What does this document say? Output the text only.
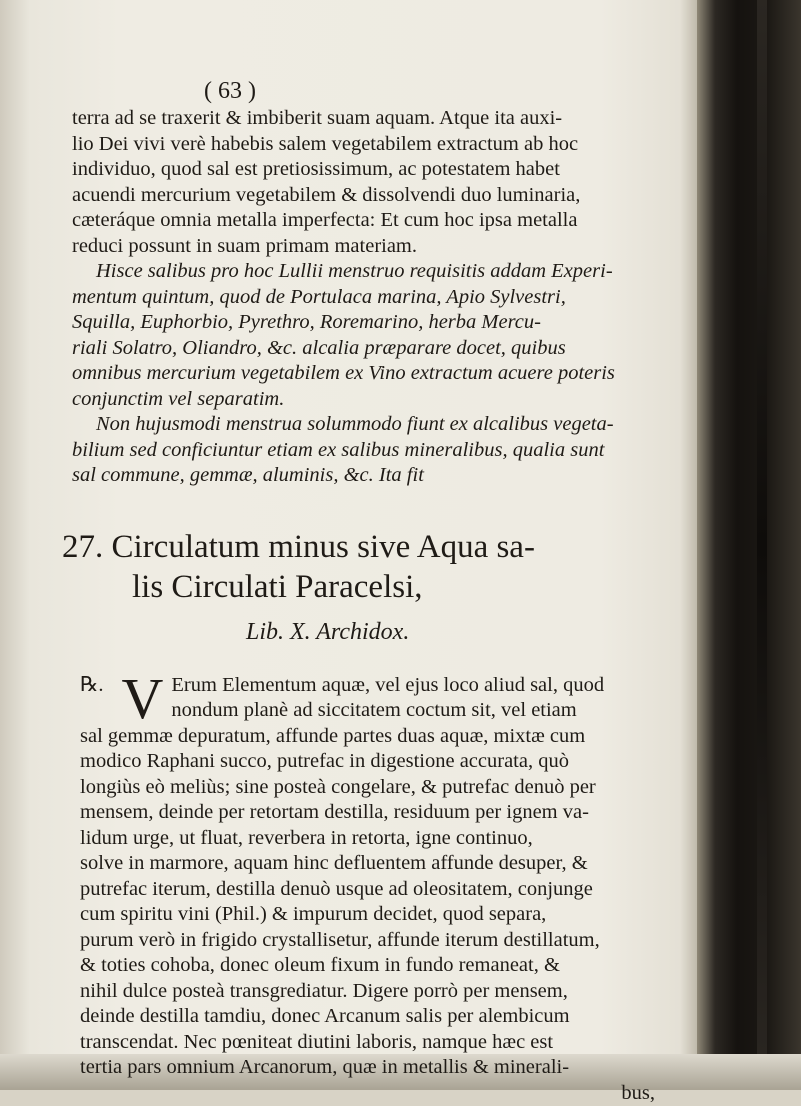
( 63 )

terra ad se traxerit & imbiberit suam aquam. Atque ita auxi-
lio Dei vivi verè habebis salem vegetabilem extractum ab hoc
individuo, quod sal est pretiosissimum, ac potestatem habet
acuendi mercurium vegetabilem & dissolvendi duo luminaria,
cæteráque omnia metalla imperfecta: Et cum hoc ipsa metalla
reduci possunt in suam primam materiam.

Hisce salibus pro hoc Lullii menstruo requisitis addam Experi-
mentum quintum, quod de Portulaca marina, Apio Sylvestri,
Squilla, Euphorbio, Pyrethro, Roremarino, herba Mercu-
riali Solatro, Oliandro, &c. alcalia præparare docet, quibus
omnibus mercurium vegetabilem ex Vino extractum acuere poteris
conjunctim vel separatim.

Non hujusmodi menstrua solummodo fiunt ex alcalibus vegeta-
bilium sed conficiuntur etiam ex salibus mineralibus, qualia sunt
sal commune, gemmæ, aluminis, &c. Ita fit

27. Circulatum minus sive Aqua sa-
lis Circulati Paracelsi,
Lib. X. Archidox.
℞. V Erum Elementum aquæ, vel ejus loco aliud sal, quod
nondum planè ad siccitatem coctum sit, vel etiam

sal gemmæ depuratum, affunde partes duas aquæ, mixtæ cum
modico Raphani succo, putrefac in digestione accurata, quò
longiùs eò meliùs; sine posteà congelare, & putrefac denuò per
mensem, deinde per retortam destilla, residuum per ignem va-
lidum urge, ut fluat, reverbera in retorta, igne continuo,
solve in marmore, aquam hinc defluentem affunde desuper, &
putrefac iterum, destilla denuò usque ad oleositatem, conjunge
cum spiritu vini (Phil.) & impurum decidet, quod separa,
purum verò in frigido crystallisetur, affunde iterum destillatum,
& toties cohoba, donec oleum fixum in fundo remaneat, &
nihil dulce posteà transgrediatur. Digere porrò per mensem,
deinde destilla tamdiu, donec Arcanum salis per alembicum
transcendat. Nec pœniteat diutini laboris, namque hæc est
tertia pars omnium Arcanorum, quæ in metallis & minerali-
bus,
